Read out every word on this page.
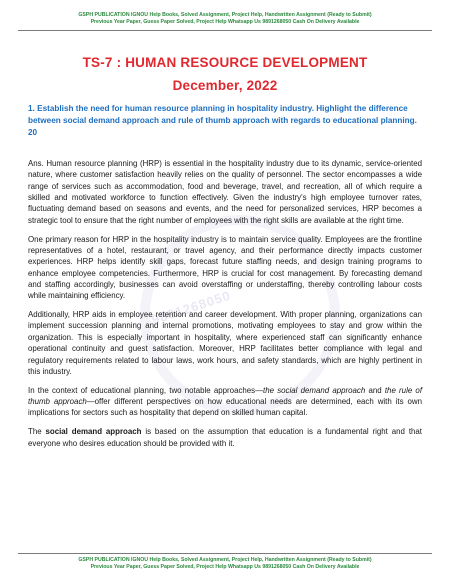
GSPH PUBLICATION IGNOU Help Books, Solved Assignment, Project Help, Handwritten Assignment (Ready to Submit)
Previous Year Paper, Guess Paper Solved, Project Help Whatsapp Us 9891268050 Cash On Delivery Available
9891268050
TS-7 : HUMAN RESOURCE DEVELOPMENT
December, 2022
1. Establish the need for human resource planning in hospitality industry. Highlight the difference between social demand approach and rule of thumb approach with regards to educational planning. 20

Ans. Human resource planning (HRP) is essential in the hospitality industry due to its dynamic, service-oriented nature, where customer satisfaction heavily relies on the quality of personnel. The sector encompasses a wide range of services such as accommodation, food and beverage, travel, and recreation, all of which require a skilled and motivated workforce to function effectively. Given the industry's high employee turnover rates, fluctuating demand based on seasons and events, and the need for personalized services, HRP becomes a strategic tool to ensure that the right number of employees with the right skills are available at the right time.

One primary reason for HRP in the hospitality industry is to maintain service quality. Employees are the frontline representatives of a hotel, restaurant, or travel agency, and their performance directly impacts customer experiences. HRP helps identify skill gaps, forecast future staffing needs, and design training programs to enhance employee competencies. Furthermore, HRP is crucial for cost management. By forecasting demand and staffing accordingly, businesses can avoid overstaffing or understaffing, thereby controlling labour costs while maintaining efficiency.

Additionally, HRP aids in employee retention and career development. With proper planning, organizations can implement succession planning and internal promotions, motivating employees to stay and grow within the organization. This is especially important in hospitality, where experienced staff can significantly enhance operational continuity and guest satisfaction. Moreover, HRP facilitates better compliance with legal and regulatory requirements related to labour laws, work hours, and safety standards, which are highly pertinent in this industry.

In the context of educational planning, two notable approaches—the social demand approach and the rule of thumb approach—offer different perspectives on how educational needs are determined, each with its own implications for sectors such as hospitality that depend on skilled human capital.

The social demand approach is based on the assumption that education is a fundamental right and that everyone who desires education should be provided with it.

GSPH PUBLICATION IGNOU Help Books, Solved Assignment, Project Help, Handwritten Assignment (Ready to Submit)
Previous Year Paper, Guess Paper Solved, Project Help Whatsapp Us 9891268050 Cash On Delivery Available
